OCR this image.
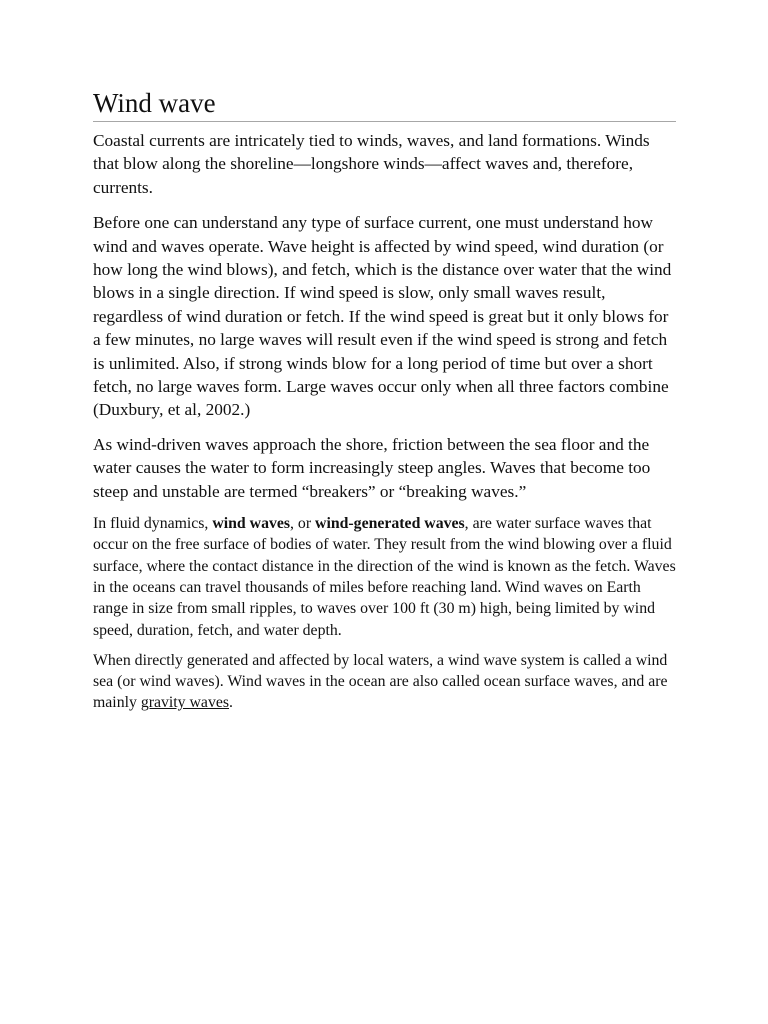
Wind wave

Coastal currents are intricately tied to winds, waves, and land formations. Winds that blow along the shoreline—longshore winds—affect waves and, therefore, currents.

Before one can understand any type of surface current, one must understand how wind and waves operate. Wave height is affected by wind speed, wind duration (or how long the wind blows), and fetch, which is the distance over water that the wind blows in a single direction. If wind speed is slow, only small waves result, regardless of wind duration or fetch. If the wind speed is great but it only blows for a few minutes, no large waves will result even if the wind speed is strong and fetch is unlimited. Also, if strong winds blow for a long period of time but over a short fetch, no large waves form. Large waves occur only when all three factors combine (Duxbury, et al, 2002.)

As wind-driven waves approach the shore, friction between the sea floor and the water causes the water to form increasingly steep angles. Waves that become too steep and unstable are termed “breakers” or “breaking waves.”

In fluid dynamics, wind waves, or wind-generated waves, are water surface waves that occur on the free surface of bodies of water. They result from the wind blowing over a fluid surface, where the contact distance in the direction of the wind is known as the fetch. Waves in the oceans can travel thousands of miles before reaching land. Wind waves on Earth range in size from small ripples, to waves over 100 ft (30 m) high, being limited by wind speed, duration, fetch, and water depth.

When directly generated and affected by local waters, a wind wave system is called a wind sea (or wind waves). Wind waves in the ocean are also called ocean surface waves, and are mainly gravity waves.
